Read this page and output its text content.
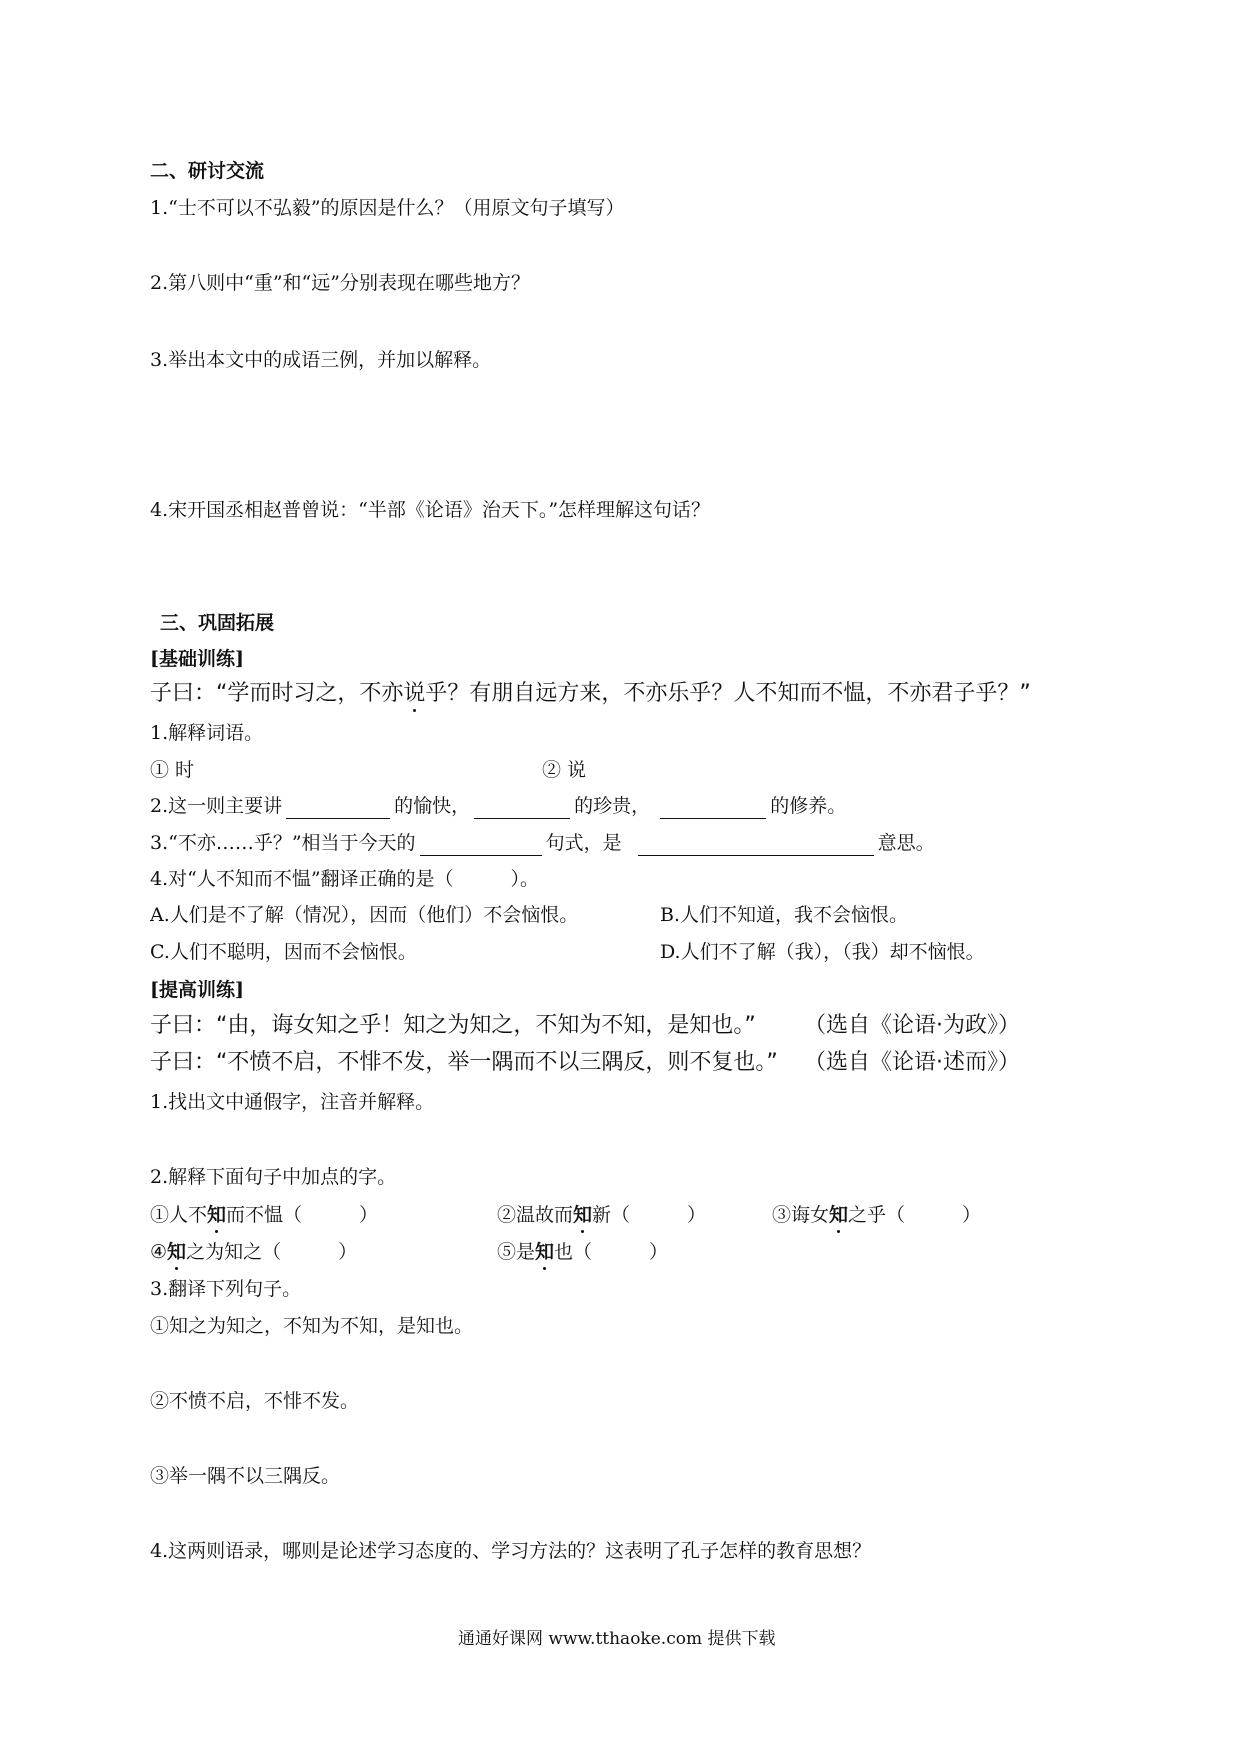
二、研讨交流
1.“士不可以不弘毅”的原因是什么？（用原文句子填写）
2.第八则中“重”和“远”分别表现在哪些地方？
3.举出本文中的成语三例，并加以解释。
4.宋开国丞相赵普曾说：“半部《论语》治天下。”怎样理解这句话？
三、巩固拓展
[基础训练]
子曰：“学而时习之，不亦说乎？有朋自远方来，不亦乐乎？人不知而不愠，不亦君子乎？”
1.解释词语。
① 时	② 说
2.这一则主要讲	的愉快，	的珍贵，	的修养。
3.“不亦……乎？”相当于今天的	句式，是	意思。
4.对“人不知而不愠”翻译正确的是（　　　）。
A.人们是不了解（情况），因而（他们）不会恼恨。	B.人们不知道，我不会恼恨。
C.人们不聪明，因而不会恼恨。	D.人们不了解（我），（我）却不恼恨。
[提高训练]
子曰：“由，诲女知之乎！知之为知之，不知为不知，是知也。” （选自《论语·为政》）
子曰：“不愤不启，不悱不发，举一隅而不以三隅反，则不复也。” （选自《论语·述而》）
1.找出文中通假字，注音并解释。
2.解释下面句子中加点的字。
①人不知而不愠（　　　）	②温故而知新（　　　）	③诲女知之乎（　　　）
④知之为知之（　　　）	⑤是知也（　　　）
3.翻译下列句子。
①知之为知之，不知为不知，是知也。
②不愤不启，不悱不发。
③举一隅不以三隅反。
4.这两则语录，哪则是论述学习态度的、学习方法的？这表明了孔子怎样的教育思想？
通通好课网 www.tthaoke.com 提供下载
